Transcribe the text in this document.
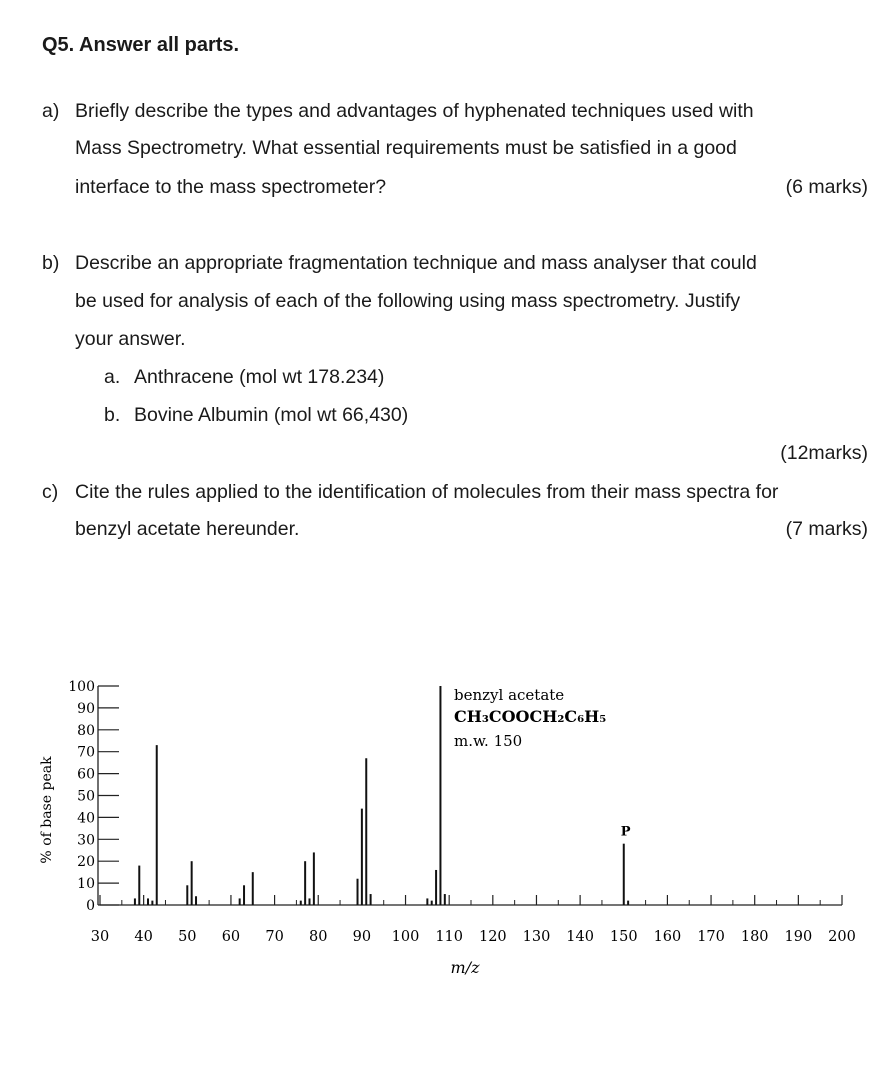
Q5. Answer all parts.
a) Briefly describe the types and advantages of hyphenated techniques used with
Mass Spectrometry. What essential requirements must be satisfied in a good
interface to the mass spectrometer?	(6 marks)
b) Describe an appropriate fragmentation technique and mass analyser that could
be used for analysis of each of the following using mass spectrometry. Justify
your answer.
a. Anthracene (mol wt 178.234)
b. Bovine Albumin (mol wt 66,430)
(12marks)
c) Cite the rules applied to the identification of molecules from their mass spectra for
benzyl acetate hereunder.	(7 marks)
100
90
80
70
60
50
40
30
20
10
0
30 40 50 60 70 80 90 100 110 120 130 140 150 160 170 180 190 200
% of base peak
m/z
benzyl acetate
CH₃COOCH₂C₆H₅
m.w. 150
P
